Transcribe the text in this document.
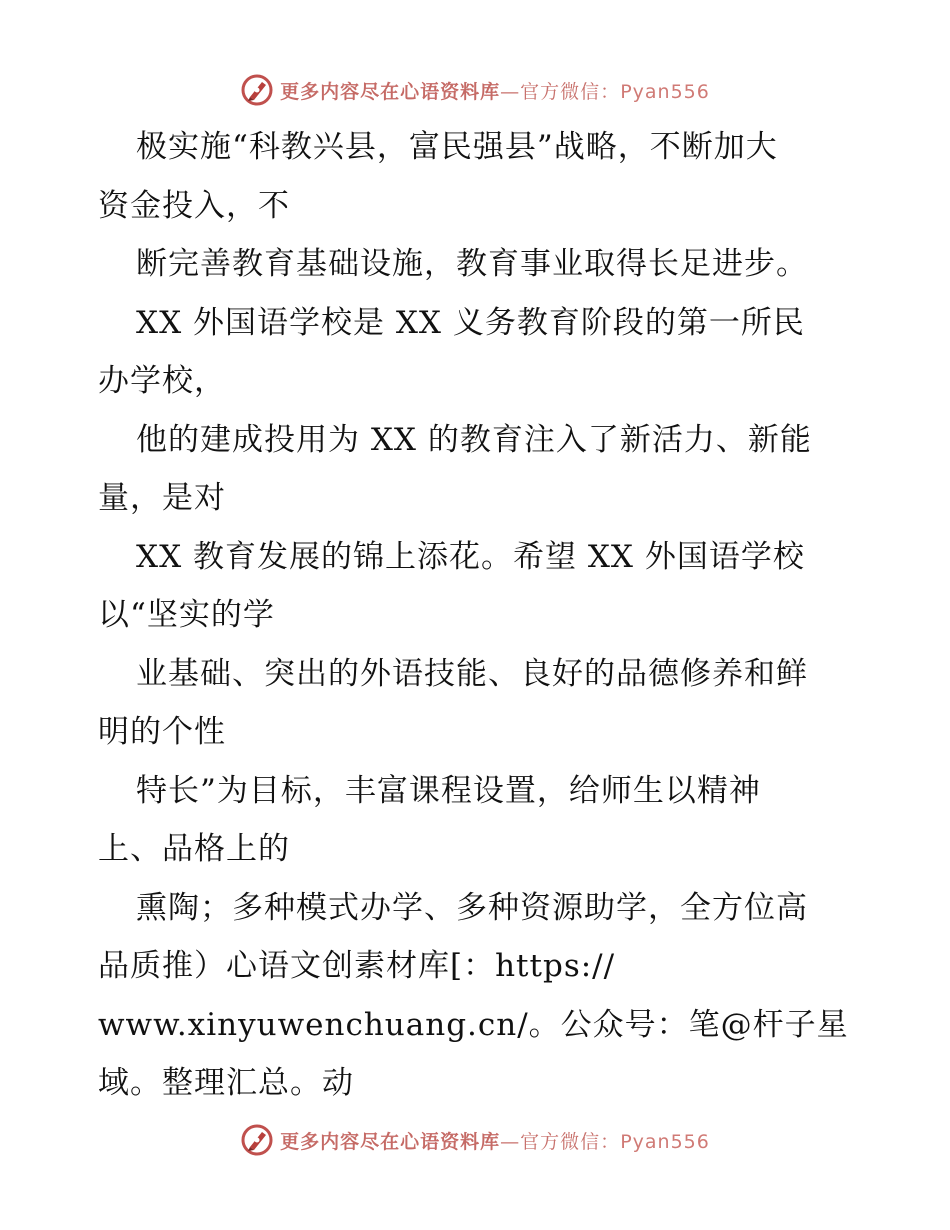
更多内容尽在心语资料库—官方微信：Pyan556
极实施“科教兴县，富民强县”战略，不断加大
资金投入，不
断完善教育基础设施，教育事业取得长足进步。
XX 外国语学校是 XX 义务教育阶段的第一所民
办学校，
他的建成投用为 XX 的教育注入了新活力、新能
量，是对
XX 教育发展的锦上添花。希望 XX 外国语学校
以“坚实的学
业基础、突出的外语技能、良好的品德修养和鲜
明的个性
特长”为目标，丰富课程设置，给师生以精神
上、品格上的
熏陶；多种模式办学、多种资源助学，全方位高
品质推）心语文创素材库[：https://
www.xinyuwenchuang.cn/。公众号：笔@杆子星
域。整理汇总。动
更多内容尽在心语资料库—官方微信：Pyan556
